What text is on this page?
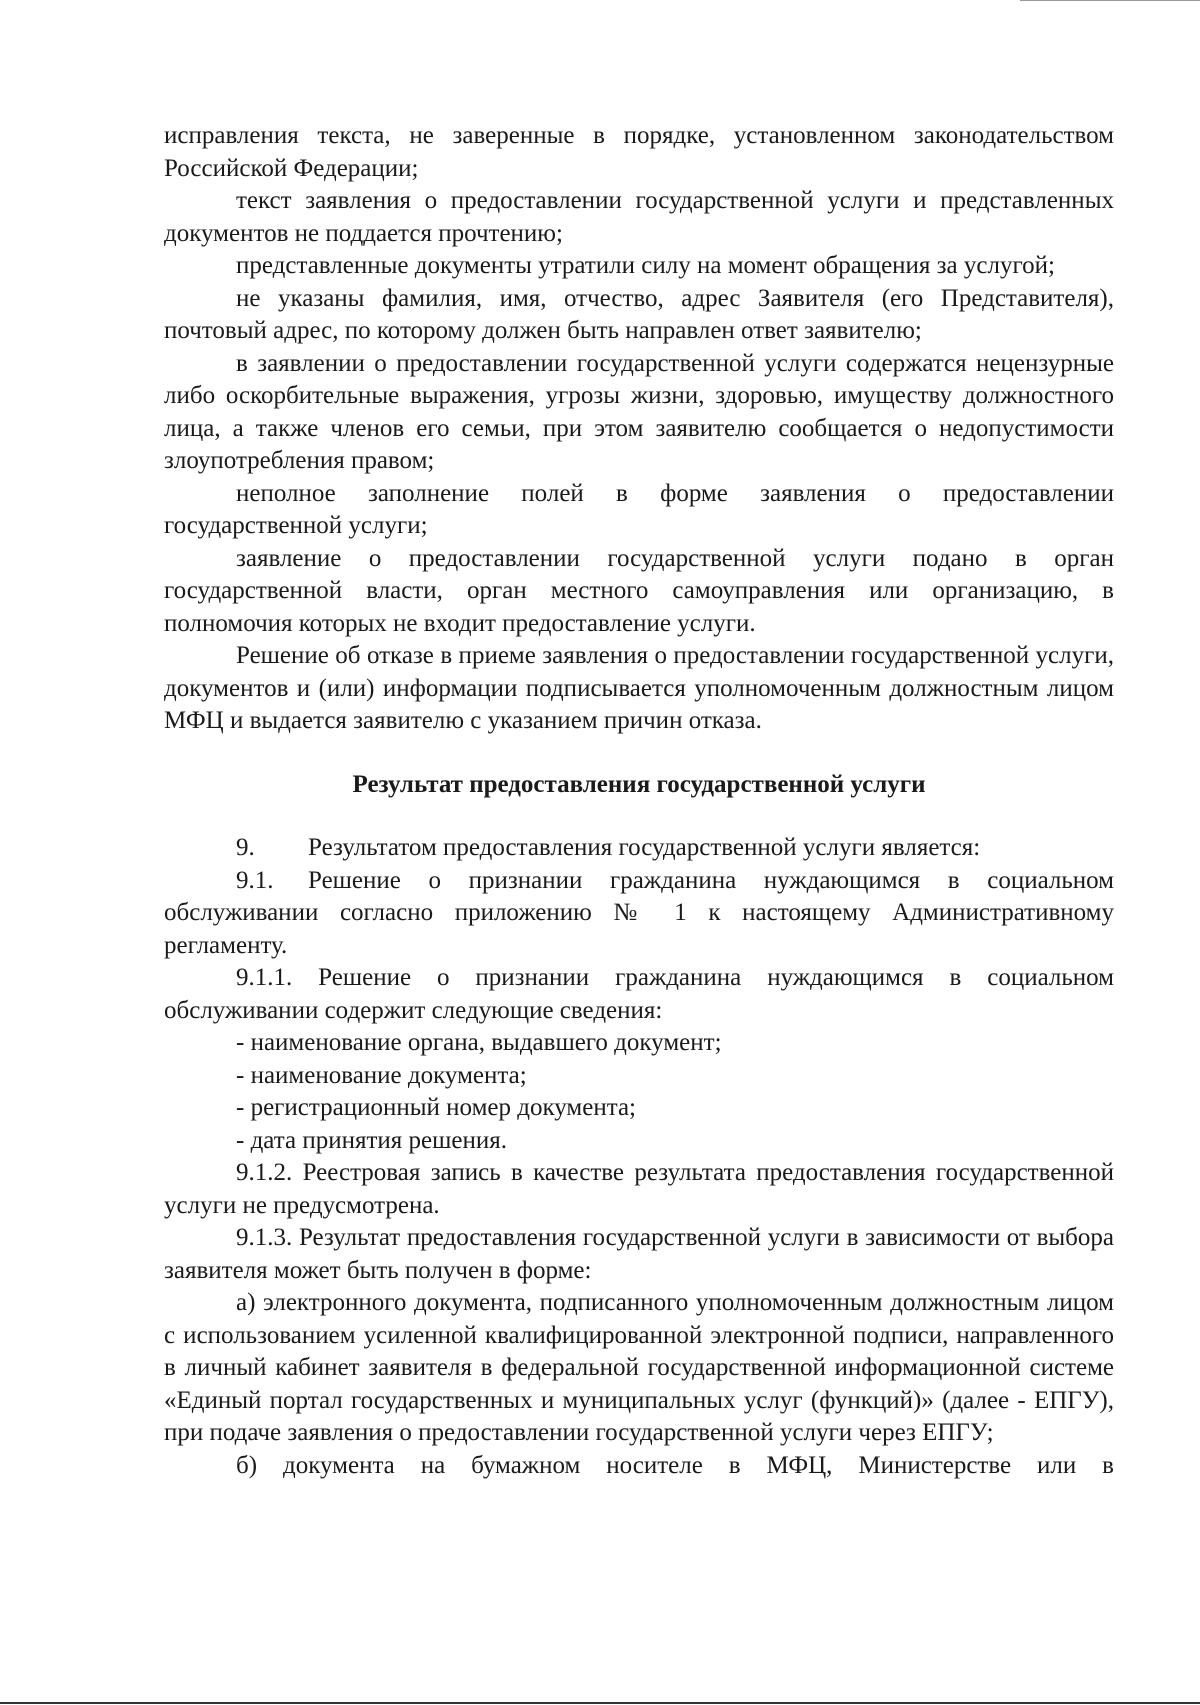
исправления текста, не заверенные в порядке, установленном законодательством Российской Федерации;

текст заявления о предоставлении государственной услуги и представленных документов не поддается прочтению;

представленные документы утратили силу на момент обращения за услугой;

не указаны фамилия, имя, отчество, адрес Заявителя (его Представителя), почтовый адрес, по которому должен быть направлен ответ заявителю;

в заявлении о предоставлении государственной услуги содержатся нецензурные либо оскорбительные выражения, угрозы жизни, здоровью, имуществу должностного лица, а также членов его семьи, при этом заявителю сообщается о недопустимости злоупотребления правом;

неполное заполнение полей в форме заявления о предоставлении государственной услуги;

заявление о предоставлении государственной услуги подано в орган государственной власти, орган местного самоуправления или организацию, в полномочия которых не входит предоставление услуги.

Решение об отказе в приеме заявления о предоставлении государственной услуги, документов и (или) информации подписывается уполномоченным должностным лицом МФЦ и выдается заявителю с указанием причин отказа.

Результат предоставления государственной услуги
9.	Результатом предоставления государственной услуги является:
9.1.	Решение о признании гражданина нуждающимся в социальном

обслуживании согласно приложению № 1 к настоящему Административному регламенту.

9.1.1. Решение о признании гражданина нуждающимся в социальном обслуживании содержит следующие сведения:

- наименование органа, выдавшего документ;

- наименование документа;

- регистрационный номер документа;

- дата принятия решения.

9.1.2. Реестровая запись в качестве результата предоставления государственной услуги не предусмотрена.

9.1.3. Результат предоставления государственной услуги в зависимости от выбора заявителя может быть получен в форме:

а) электронного документа, подписанного уполномоченным должностным лицом с использованием усиленной квалифицированной электронной подписи, направленного в личный кабинет заявителя в федеральной государственной информационной системе «Единый портал государственных и муниципальных услуг (функций)» (далее - ЕПГУ), при подаче заявления о предоставлении государственной услуги через ЕПГУ;

б) документа на бумажном носителе в МФЦ, Министерстве или в
